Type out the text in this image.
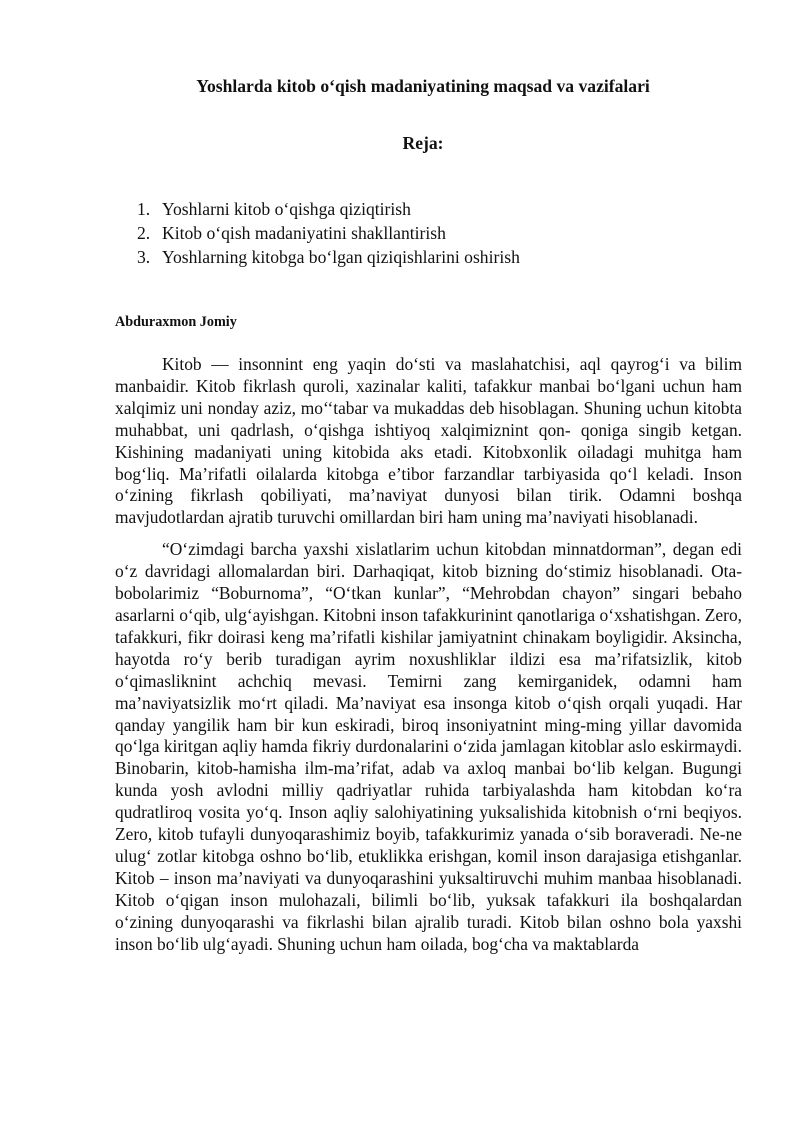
Yoshlarda kitob o‘qish madaniyatining maqsad va vazifalari
Reja:
1. Yoshlarni kitob o‘qishga qiziqtirish
2. Kitob o‘qish madaniyatini shakllantirish
3. Yoshlarning kitobga bo‘lgan qiziqishlarini oshirish
Abduraxmon Jomiy

Kitob — insonnint eng yaqin do‘sti va maslahatchisi, aql qayrog‘i va bilim manbaidir. Kitob fikrlash quroli, xazinalar kaliti, tafakkur manbai bo‘lgani uchun ham xalqimiz uni nonday aziz, mo‘‘tabar va mukaddas deb hisoblagan. Shuning uchun kitobta muhabbat, uni qadrlash, o‘qishga ishtiyoq xalqimiznint qon- qoniga singib ketgan. Kishining madaniyati uning kitobida aks etadi. Kitobxonlik oiladagi muhitga ham bog‘liq. Ma’rifatli oilalarda kitobga e’tibor farzandlar tarbiyasida qo‘l keladi. Inson o‘zining fikrlash qobiliyati, ma’naviyat dunyosi bilan tirik. Odamni boshqa mavjudotlardan ajratib turuvchi omillardan biri ham uning ma’naviyati hisoblanadi.

“O‘zimdagi barcha yaxshi xislatlarim uchun kitobdan minnatdorman”, degan edi o‘z davridagi allomalardan biri. Darhaqiqat, kitob bizning do‘stimiz hisoblanadi. Ota-bobolarimiz “Boburnoma”, “O‘tkan kunlar”, “Mehrobdan chayon” singari bebaho asarlarni o‘qib, ulg‘ayishgan. Kitobni inson tafakkurinint qanotlariga o‘xshatishgan. Zero, tafakkuri, fikr doirasi keng ma’rifatli kishilar jamiyatnint chinakam boyligidir. Aksincha, hayotda ro‘y berib turadigan ayrim noxushliklar ildizi esa ma’rifatsizlik, kitob o‘qimasliknint achchiq mevasi. Temirni zang kemirganidek, odamni ham ma’naviyatsizlik mo‘rt qiladi. Ma’naviyat esa insonga kitob o‘qish orqali yuqadi. Har qanday yangilik ham bir kun eskiradi, biroq insoniyatnint ming-ming yillar davomida qo‘lga kiritgan aqliy hamda fikriy durdonalarini o‘zida jamlagan kitoblar aslo eskirmaydi. Binobarin, kitob-hamisha ilm-ma’rifat, adab va axloq manbai bo‘lib kelgan. Bugungi kunda yosh avlodni milliy qadriyatlar ruhida tarbiyalashda ham kitobdan ko‘ra qudratliroq vosita yo‘q. Inson aqliy salohiyatining yuksalishida kitobnish o‘rni beqiyos. Zero, kitob tufayli dunyoqarashimiz boyib, tafakkurimiz yanada o‘sib boraveradi. Ne-ne ulug‘ zotlar kitobga oshno bo‘lib, etuklikka erishgan, komil inson darajasiga etishganlar. Kitob – inson ma’naviyati va dunyoqarashini yuksaltiruvchi muhim manbaa hisoblanadi. Kitob o‘qigan inson mulohazali, bilimli bo‘lib, yuksak tafakkuri ila boshqalardan o‘zining dunyoqarashi va fikrlashi bilan ajralib turadi. Kitob bilan oshno bola yaxshi inson bo‘lib ulg‘ayadi. Shuning uchun ham oilada, bog‘cha va maktablarda
